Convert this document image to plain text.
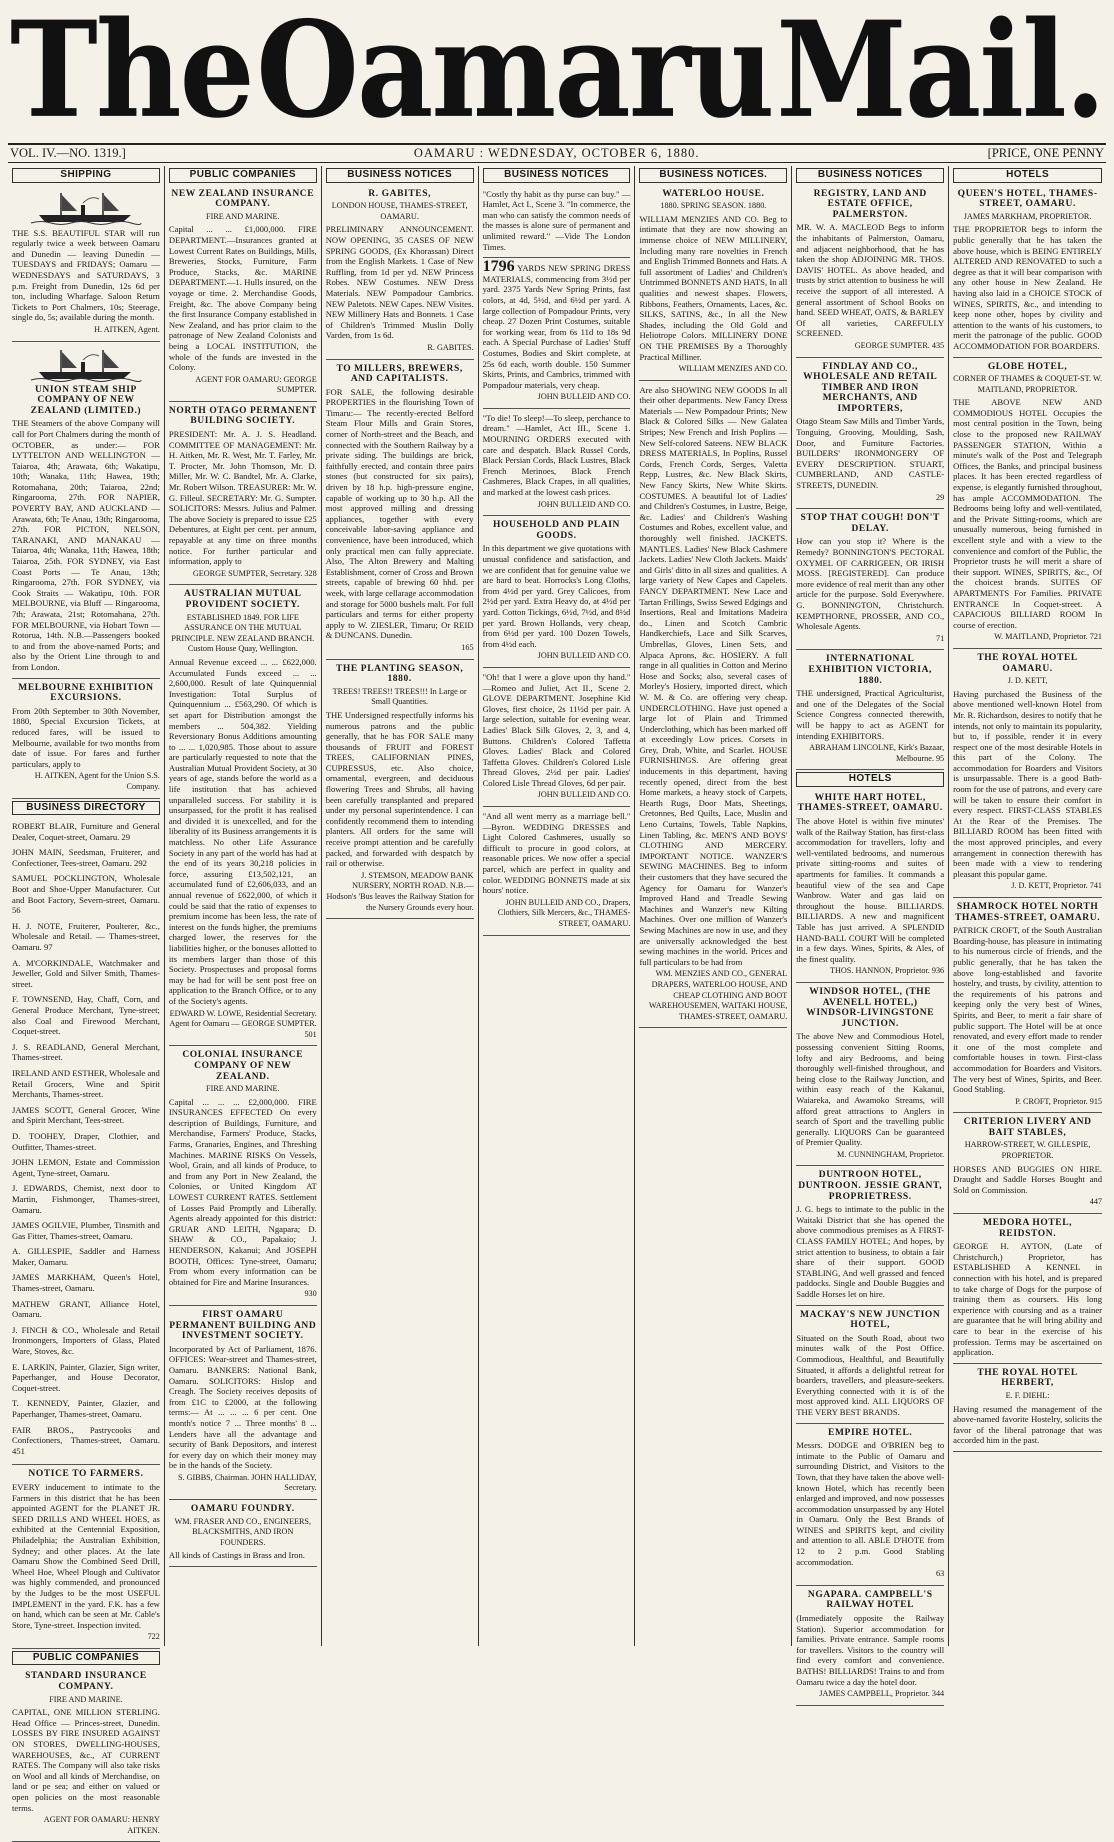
The Oamaru Mail.
VOL. IV.—NO. 1319.]	OAMARU : WEDNESDAY, OCTOBER 6, 1880.	[PRICE, ONE PENNY
SHIPPING

THE S.S. BEAUTIFUL STAR will run regularly twice a week between Oamaru and Dunedin — leaving Dunedin — TUESDAYS and FRIDAYS; Oamaru — WEDNESDAYS and SATURDAYS, 3 p.m. Freight from Dunedin, 12s 6d per ton, including Wharfage. Saloon Return Tickets to Port Chalmers, 10s; Steerage, single do, 5s; available during the month.

H. AITKEN, Agent.

UNION STEAM SHIP COMPANY OF NEW ZEALAND (LIMITED.)

THE Steamers of the above Company will call for Port Chalmers during the month of OCTOBER, as under:— FOR LYTTELTON AND WELLINGTON — Taiaroa, 4th; Arawata, 6th; Wakatipu, 10th; Wanaka, 11th; Hawea, 19th; Rotomahana, 20th; Taiaroa, 22nd; Ringarooma, 27th. FOR NAPIER, POVERTY BAY, AND AUCKLAND — Arawata, 6th; Te Anau, 13th; Ringarooma, 27th. FOR PICTON, NELSON, TARANAKI, AND MANAKAU — Taiaroa, 4th; Wanaka, 11th; Hawea, 18th; Taiaroa, 25th. FOR SYDNEY, via East Coast Ports — Te Anau, 13th; Ringarooma, 27th. FOR SYDNEY, via Cook Straits — Wakatipu, 10th. FOR MELBOURNE, via Bluff — Ringarooma, 7th; Arawata, 21st; Rotomahana, 27th. FOR MELBOURNE, via Hobart Town — Rotorua, 14th. N.B.—Passengers booked to and from the above-named Ports; and also by the Orient Line through to and from London.

MELBOURNE EXHIBITION EXCURSIONS.

From 20th September to 30th November, 1880, Special Excursion Tickets, at reduced fares, will be issued to Melbourne, available for two months from date of issue. For fares and further particulars, apply to

H. AITKEN, Agent for the Union S.S. Company.

BUSINESS DIRECTORY

ROBERT BLAIR, Furniture and General Dealer, Coquet-street, Oamaru. 29

JOHN MAIN, Seedsman, Fruiterer, and Confectioner, Tees-street, Oamaru. 292

SAMUEL POCKLINGTON, Wholesale Boot and Shoe-Upper Manufacturer. Cut and Boot Factory, Severn-street, Oamaru. 56

H. J. NOTE, Fruiterer, Poulterer, &c., Wholesale and Retail. — Thames-street, Oamaru. 97

A. M'CORKINDALE, Watchmaker and Jeweller, Gold and Silver Smith, Thames-street.

F. TOWNSEND, Hay, Chaff, Corn, and General Produce Merchant, Tyne-street; also Coal and Firewood Merchant, Coquet-street.

J. S. READLAND, General Merchant, Thames-street.

IRELAND AND ESTHER, Wholesale and Retail Grocers, Wine and Spirit Merchants, Thames-street.

JAMES SCOTT, General Grocer, Wine and Spirit Merchant, Tees-street.

D. TOOHEY, Draper, Clothier, and Outfitter, Thames-street.

JOHN LEMON, Estate and Commission Agent, Tyne-street, Oamaru.

J. EDWARDS, Chemist, next door to Martin, Fishmonger, Thames-street, Oamaru.

JAMES OGILVIE, Plumber, Tinsmith and Gas Fitter, Thames-street, Oamaru.

A. GILLESPIE, Saddler and Harness Maker, Oamaru.

JAMES MARKHAM, Queen's Hotel, Thames-street, Oamaru.

MATHEW GRANT, Alliance Hotel, Oamaru.

J. FINCH & CO., Wholesale and Retail Ironmongers, Importers of Glass, Plated Ware, Stoves, &c.

E. LARKIN, Painter, Glazier, Sign writer, Paperhanger, and House Decorator, Coquet-street.

T. KENNEDY, Painter, Glazier, and Paperhanger, Thames-street, Oamaru.

FAIR BROS., Pastrycooks and Confectioners, Thames-street, Oamaru. 451

NOTICE TO FARMERS.

EVERY inducement to intimate to the Farmers in this district that he has been appointed AGENT for the PLANET JR. SEED DRILLS AND WHEEL HOES, as exhibited at the Centennial Exposition, Philadelphia; the Australian Exhibition, Sydney; and other places. At the late Oamaru Show the Combined Seed Drill, Wheel Hoe, Wheel Plough and Cultivator was highly commended, and pronounced by the Judges to be the most USEFUL IMPLEMENT in the yard. F.K. has a few on hand, which can be seen at Mr. Cable's Store, Tyne-street. Inspection invited.

722

PUBLIC COMPANIES

STANDARD INSURANCE COMPANY.

FIRE AND MARINE.

CAPITAL, ONE MILLION STERLING. Head Office — Princes-street, Dunedin. LOSSES BY FIRE INSURED AGAINST ON STORES, DWELLING-HOUSES, WAREHOUSES, &c., AT CURRENT RATES. The Company will also take risks on Wool and all kinds of Merchandise, on land or pe sea; and either on valued or open policies on the most reasonable terms.

AGENT FOR OAMARU: HENRY AITKEN.

PUBLIC COMPANIES

NEW ZEALAND INSURANCE COMPANY.

FIRE AND MARINE.

Capital ... ... £1,000,000. FIRE DEPARTMENT.—Insurances granted at Lowest Current Rates on Buildings, Mills, Breweries, Stocks, Furniture, Farm Produce, Stacks, &c. MARINE DEPARTMENT.—1. Hulls insured, on the voyage or time. 2. Merchandise Goods, Freight, &c. The above Company being the first Insurance Company established in New Zealand, and has prior claim to the patronage of New Zealand Colonists and being a LOCAL INSTITUTION, the whole of the funds are invested in the Colony.

AGENT FOR OAMARU: GEORGE SUMPTER.

NORTH OTAGO PERMANENT BUILDING SOCIETY.

PRESIDENT: Mr. A. J. S. Headland. COMMITTEE OF MANAGEMENT: Mr. H. Aitken, Mr. R. West, Mr. T. Farley, Mr. T. Procter, Mr. John Thomson, Mr. D. Miller, Mr. W. C. Bandtel, Mr. A. Clarke, Mr. Robert Wilson. TREASURER: Mr. W. G. Filleul. SECRETARY: Mr. G. Sumpter. SOLICITORS: Messrs. Julius and Palmer. The above Society is prepared to issue £25 Debentures, at Eight per cent. per annum, repayable at any time on three months notice. For further particular and information, apply to

GEORGE SUMPTER, Secretary. 328

AUSTRALIAN MUTUAL PROVIDENT SOCIETY.

ESTABLISHED 1849. FOR LIFE ASSURANCE ON THE MUTUAL PRINCIPLE. NEW ZEALAND BRANCH. Custom House Quay, Wellington.

Annual Revenue exceed ... ... £622,000. Accumulated Funds exceed ... ... 2,600,000. Result of late Quinquennial Investigation: Total Surplus of Quinquennium ... £563,290. Of which is set apart for Distribution amongst the members ... 504,382. Yielding Reversionary Bonus Additions amounting to ... ... 1,020,985. Those about to assure are particularly requested to note that the Australian Mutual Provident Society, at 30 years of age, stands before the world as a life institution that has achieved unparalleled success. For stability it is unsurpassed, for the profit it has realised and divided it is unexcelled, and for the liberality of its Business arrangements it is matchless. No other Life Assurance Society in any part of the world has had at the end of its years 30,218 policies in force, assuring £13,502,121, an accumulated fund of £2,606,033, and an annual revenue of £622,000, of which it could be said that the ratio of expenses to premium income has been less, the rate of interest on the funds higher, the premiums charged lower, the reserves for the liabilities higher, or the bonuses allotted to its members larger than those of this Society. Prospectuses and proposal forms may be had for will be sent post free on application to the Branch Office, or to any of the Society's agents.

EDWARD W. LOWE, Residential Secretary. Agent for Oamaru — GEORGE SUMPTER. 501

COLONIAL INSURANCE COMPANY OF NEW ZEALAND.

FIRE AND MARINE.

Capital ... ... ... £2,000,000. FIRE INSURANCES EFFECTED On every description of Buildings, Furniture, and Merchandise, Farmers' Produce, Stacks, Farms, Granaries, Engines, and Threshing Machines. MARINE RISKS On Vessels, Wool, Grain, and all kinds of Produce, to and from any Port in New Zealand, the Colonies, or United Kingdom AT LOWEST CURRENT RATES. Settlement of Losses Paid Promptly and Liberally. Agents already appointed for this district: GRUAR AND LEITH, Ngapara; D. SHAW & CO., Papakaio; J. HENDERSON, Kakanui; And JOSEPH BOOTH, Offices: Tyne-street, Oamaru; From whom every information can be obtained for Fire and Marine Insurances.

930

FIRST OAMARU PERMANENT BUILDING AND INVESTMENT SOCIETY.

Incorporated by Act of Parliament, 1876. OFFICES: Wear-street and Thames-street, Oamaru. BANKERS: National Bank, Oamaru. SOLICITORS: Hislop and Creagh. The Society receives deposits of from £1C to £2000, at the following terms:— At ... ... ... 6 per cent. One month's notice 7 ... Three months' 8 ... Lenders have all the advantage and security of Bank Depositors, and interest for every day on which their money may be in the hands of the Society.

S. GIBBS, Chairman. JOHN HALLIDAY, Secretary.

OAMARU FOUNDRY.

WM. FRASER AND CO., ENGINEERS, BLACKSMITHS, AND IRON FOUNDERS.

All kinds of Castings in Brass and Iron.

BUSINESS NOTICES

R. GABITES,

LONDON HOUSE, THAMES-STREET, OAMARU.

PRELIMINARY ANNOUNCEMENT. NOW OPENING, 35 CASES OF NEW SPRING GOODS, (Ex Khorassan) Direct from the English Markets. 1 Case of New Ruffling, from 1d per yd. NEW Princess Robes. NEW Costumes. NEW Dress Materials. NEW Pompadour Cambrics. NEW Paletots. NEW Capes. NEW Visites. NEW Millinery Hats and Bonnets. 1 Case of Children's Trimmed Muslin Dolly Varden, from 1s 6d.

R. GABITES.

TO MILLERS, BREWERS, AND CAPITALISTS.

FOR SALE, the following desirable PROPERTIES in the flourishing Town of Timaru:— The recently-erected Belford Steam Flour Mills and Grain Stores, corner of North-street and the Beach, and connected with the Southern Railway by a private siding. The buildings are brick, faithfully erected, and contain three pairs stones (but constructed for six pairs), driven by 18 h.p. high-pressure engine, capable of working up to 30 h.p. All the most approved milling and dressing appliances, together with every conceivable labor-saving appliance and convenience, have been introduced, which only practical men can fully appreciate. Also, The Alton Brewery and Malting Establishment, corner of Cross and Brown streets, capable of brewing 60 hhd. per week, with large cellarage accommodation and storage for 5000 bushels malt. For full particulars and terms for either property apply to W. ZIESLER, Timaru; Or REID & DUNCANS. Dunedin.

165

THE PLANTING SEASON, 1880.

TREES! TREES!! TREES!!! In Large or Small Quantities.

THE Undersigned respectfully informs his numerous patrons and the public generally, that he has FOR SALE many thousands of FRUIT and FOREST TREES, CALIFORNIAN PINES, CUPRESSUS, etc. Also choice, ornamental, evergreen, and deciduous flowering Trees and Shrubs, all having been carefully transplanted and prepared under my personal superintendence. I can confidently recommend them to intending planters. All orders for the same will receive prompt attention and be carefully packed, and forwarded with despatch by rail or otherwise.

J. STEMSON, MEADOW BANK NURSERY, NORTH ROAD. N.B.—Hodson's 'Bus leaves the Railway Station for the Nursery Grounds every hour.

BUSINESS NOTICES

"Costly thy habit as thy purse can buy." —Hamlet, Act I., Scene 3. "In commerce, the man who can satisfy the common needs of the masses is alone sure of permanent and unlimited reward." —Vide The London Times.

1796 YARDS NEW SPRING DRESS MATERIALS, commencing from 3½d per yard. 2375 Yards New Spring Prints, fast colors, at 4d, 5½d, and 6½d per yard. A large collection of Pompadour Prints, very cheap. 27 Dozen Print Costumes, suitable for working wear, from 6s 11d to 18s 9d each. A Special Purchase of Ladies' Stuff Costumes, Bodies and Skirt complete, at 25s 6d each, worth double. 150 Summer Skirts, Prints, and Cambrics, trimmed with Pompadour materials, very cheap.

JOHN BULLEID AND CO.

"To die! To sleep!—To sleep, perchance to dream." —Hamlet, Act III., Scene 1. MOURNING ORDERS executed with care and despatch. Black Russel Cords, Black Persian Cords, Black Lustres, Black French Merinoes, Black French Cashmeres, Black Crapes, in all qualities, and marked at the lowest cash prices.

JOHN BULLEID AND CO.

HOUSEHOLD AND PLAIN GOODS.

In this department we give quotations with unusual confidence and satisfaction, and we are confident that for genuine value we are hard to beat. Horrocks's Long Cloths, from 4½d per yard. Grey Calicoes, from 2½d per yard. Extra Heavy do, at 4½d per yard. Cotton Tickings, 6½d, 7½d, and 8½d per yard. Brown Hollands, very cheap, from 6½d per yard. 100 Dozen Towels, from 4½d each.

JOHN BULLEID AND CO.

"Oh! that I were a glove upon thy hand." —Romeo and Juliet, Act II., Scene 2. GLOVE DEPARTMENT. Josephine Kid Gloves, first choice, 2s 11½d per pair. A large selection, suitable for evening wear. Ladies' Black Silk Gloves, 2, 3, and 4, Buttons. Children's Colored Taffetta Gloves. Ladies' Black and Colored Taffetta Gloves. Children's Colored Lisle Thread Gloves, 2½d per pair. Ladies' Colored Lisle Thread Gloves, 6d per pair.

JOHN BULLEID AND CO.

"And all went merry as a marriage bell." —Byron. WEDDING DRESSES and Light Colored Cashmeres, usually so difficult to procure in good colors, at reasonable prices. We now offer a special parcel, which are perfect in quality and color. WEDDING BONNETS made at six hours' notice.

JOHN BULLEID AND CO., Drapers, Clothiers, Silk Mercers, &c., THAMES-STREET, OAMARU.

BUSINESS NOTICES.

WATERLOO HOUSE.

1880. SPRING SEASON. 1880.

WILLIAM MENZIES AND CO. Beg to intimate that they are now showing an immense choice of NEW MILLINERY, Including many rare novelties in French and English Trimmed Bonnets and Hats. A full assortment of Ladies' and Children's Untrimmed BONNETS AND HATS, In all qualities and newest shapes. Flowers, Ribbons, Feathers, Ornaments, Laces, &c. SILKS, SATINS, &c., In all the New Shades, including the Old Gold and Heliotrope Colors. MILLINERY DONE ON THE PREMISES By a Thoroughly Practical Milliner.

WILLIAM MENZIES AND CO.

Are also SHOWING NEW GOODS In all their other departments. New Fancy Dress Materials — New Pompadour Prints; New Black & Colored Silks — New Galatea Stripes; New French and Irish Poplins — New Self-colored Sateens. NEW BLACK DRESS MATERIALS, In Poplins, Russel Cords, French Cords, Serges, Valetta Repp, Lustres, &c. New Black Skirts, New Fancy Skirts, New White Skirts. COSTUMES. A beautiful lot of Ladies' and Children's Costumes, in Lustre, Beige, &c. Ladies' and Children's Washing Costumes and Robes, excellent value, and thoroughly well finished. JACKETS. MANTLES. Ladies' New Black Cashmere Jackets. Ladies' New Cloth Jackets. Maids' and Girls' ditto in all sizes and qualities. A large variety of New Capes and Capelets. FANCY DEPARTMENT. New Lace and Tartan Frillings, Swiss Sewed Edgings and Insertions, Real and Imitations Madeira do., Linen and Scotch Cambric Handkerchiefs, Lace and Silk Scarves, Umbrellas, Gloves, Linen Sets, and Alpaca Aprons, &c. HOSIERY. A full range in all qualities in Cotton and Merino Hose and Socks; also, several cases of Morley's Hosiery, imported direct, which W. M. & Co. are offering very cheap. UNDERCLOTHING. Have just opened a large lot of Plain and Trimmed Underclothing, which has been marked off at exceedingly Low prices. Corsets in Grey, Drab, White, and Scarlet. HOUSE FURNISHINGS. Are offering great inducements in this department, having recently opened, direct from the best Home markets, a heavy stock of Carpets, Hearth Rugs, Door Mats, Sheetings, Cretonnes, Bed Quilts, Lace, Muslin and Leno Curtains, Towels, Table Napkins, Linen Tabling, &c. MEN'S AND BOYS' CLOTHING AND MERCERY. IMPORTANT NOTICE. WANZER'S SEWING MACHINES. Beg to inform their customers that they have secured the Agency for Oamaru for Wanzer's Improved Hand and Treadle Sewing Machines and Wanzer's new Kilting Machines. Over one million of Wanzer's Sewing Machines are now in use, and they are universally acknowledged the best sewing machines in the world. Prices and full particulars to be had from

WM. MENZIES AND CO., GENERAL DRAPERS, WATERLOO HOUSE, AND CHEAP CLOTHING AND BOOT WAREHOUSEMEN, WAITAKI HOUSE, THAMES-STREET, OAMARU.

BUSINESS NOTICES

REGISTRY, LAND AND ESTATE OFFICE, PALMERSTON.

MR. W. A. MACLEOD Begs to inform the inhabitants of Palmerston, Oamaru, and adjacent neighborhood, that he has taken the shop ADJOINING MR. THOS. DAVIS' HOTEL. As above headed, and trusts by strict attention to business he will receive the support of all interested. A general assortment of School Books on hand. SEED WHEAT, OATS, & BARLEY Of all varieties, CAREFULLY SCREENED.

GEORGE SUMPTER. 435

FINDLAY AND CO., WHOLESALE AND RETAIL TIMBER AND IRON MERCHANTS, AND IMPORTERS,

Otago Steam Saw Mills and Timber Yards, Tonguing, Grooving, Moulding, Sash, Door, and Furniture Factories. BUILDERS' IRONMONGERY OF EVERY DESCRIPTION. STUART, CUMBERLAND, AND CASTLE-STREETS, DUNEDIN.

29

STOP THAT COUGH! DON'T DELAY.

How can you stop it? Where is the Remedy? BONNINGTON'S PECTORAL OXYMEL OF CARRIGEEN, OR IRISH MOSS. [REGISTERED]. Can produce more evidence of real merit than any other article for the purpose. Sold Everywhere. G. BONNINGTON, Christchurch. KEMPTHORNE, PROSSER, AND CO., Wholesale Agents.

71

INTERNATIONAL EXHIBITION VICTORIA, 1880.

THE undersigned, Practical Agriculturist, and one of the Delegates of the Social Science Congress connected therewith, will be happy to act as AGENT for intending EXHIBITORS.

ABRAHAM LINCOLNE, Kirk's Bazaar, Melbourne. 95

HOTELS

WHITE HART HOTEL, THAMES-STREET, OAMARU.

The above Hotel is within five minutes' walk of the Railway Station, has first-class accommodation for travellers, lofty and well-ventilated bedrooms, and numerous private sitting-rooms and suites of apartments for families. It commands a beautiful view of the sea and Cape Wanbrow. Water and gas laid on throughout the house. BILLIARDS. BILLIARDS. A new and magnificent Table has just arrived. A SPLENDID HAND-BALL COURT Will be completed in a few days. Wines, Spirits, & Ales, of the finest quality.

THOS. HANNON, Proprietor. 936

WINDSOR HOTEL, (THE AVENELL HOTEL,) WINDSOR-LIVINGSTONE JUNCTION.

The above New and Commodious Hotel, possessing convenient Sitting Rooms, lofty and airy Bedrooms, and being thoroughly well-finished throughout, and being close to the Railway Junction, and within easy reach of the Kakanui, Waiareka, and Awamoko Streams, will afford great attractions to Anglers in search of Sport and the travelling public generally. LIQUORS Can be guaranteed of Premier Quality.

M. CUNNINGHAM, Proprietor.

DUNTROON HOTEL, DUNTROON. JESSIE GRANT, PROPRIETRESS.

J. G. begs to intimate to the public in the Waitaki District that she has opened the above commodious premises as A FIRST-CLASS FAMILY HOTEL; And hopes, by strict attention to business, to obtain a fair share of their support. GOOD STABLING, And well grassed and fenced paddocks. Single and Double Buggies and Saddle Horses let on hire.

MACKAY'S NEW JUNCTION HOTEL,

Situated on the South Road, about two minutes walk of the Post Office. Commodious, Healthful, and Beautifully Situated, it affords a delightful retreat for boarders, travellers, and pleasure-seekers. Everything connected with it is of the most approved kind. ALL LIQUORS OF THE VERY BEST BRANDS.

EMPIRE HOTEL.

Messrs. DODGE and O'BRIEN beg to intimate to the Public of Oamaru and surrounding District, and Visitors to the Town, that they have taken the above well-known Hotel, which has recently been enlarged and improved, and now possesses accommodation unsurpassed by any Hotel in Oamaru. Only the Best Brands of WINES and SPIRITS kept, and civility and attention to all. ABLE D'HOTE from 12 to 2 p.m. Good Stabling accommodation.

63

NGAPARA. CAMPBELL'S RAILWAY HOTEL

(Immediately opposite the Railway Station). Superior accommodation for families. Private entrance. Sample rooms for travellers. Visitors to the country will find every comfort and convenience. BATHS! BILLIARDS! Trains to and from Oamaru twice a day the hotel door.

JAMES CAMPBELL, Proprietor. 344

HOTELS

QUEEN'S HOTEL, THAMES-STREET, OAMARU.

JAMES MARKHAM, PROPRIETOR.

THE PROPRIETOR begs to inform the public generally that he has taken the above house, which is BEING ENTIRELY ALTERED AND RENOVATED to such a degree as that it will bear comparison with any other house in New Zealand. He having also laid in a CHOICE STOCK of WINES, SPIRITS, &c., and intending to keep none other, hopes by civility and attention to the wants of his customers, to merit the patronage of the public. GOOD ACCOMMODATION FOR BOARDERS.

GLOBE HOTEL,

CORNER OF THAMES & COQUET-ST. W. MAITLAND, PROPRIETOR.

THE ABOVE NEW AND COMMODIOUS HOTEL Occupies the most central position in the Town, being close to the proposed new RAILWAY PASSENGER STATION, Within a minute's walk of the Post and Telegraph Offices, the Banks, and principal business places. It has been erected regardless of expense, is elegantly furnished throughout, has ample ACCOMMODATION. The Bedrooms being lofty and well-ventilated, and the Private Sitting-rooms, which are unusually numerous, being furnished in excellent style and with a view to the convenience and comfort of the Public, the Proprietor trusts he will merit a share of their support. WINES, SPIRITS, &c., Of the choicest brands. SUITES OF APARTMENTS For Families. PRIVATE ENTRANCE In Coquet-street. A CAPACIOUS BILLIARD ROOM In course of erection.

W. MAITLAND, Proprietor. 721

THE ROYAL HOTEL OAMARU.

J. D. KETT,

Having purchased the Business of the above mentioned well-known Hotel from Mr. R. Richardson, desires to notify that he intends, not only to maintain its popularity, but to, if possible, render it in every respect one of the most desirable Hotels in this part of the Colony. The accommodation for Boarders and Visitors is unsurpassable. There is a good Bath-room for the use of patrons, and every care will be taken to ensure their comfort in every respect. FIRST-CLASS STABLES At the Rear of the Premises. The BILLIARD ROOM has been fitted with the most approved principles, and every arrangement in connection therewith has been made with a view to rendering pleasant this popular game.

J. D. KETT, Proprietor. 741

SHAMROCK HOTEL NORTH THAMES-STREET, OAMARU.

PATRICK CROFT, of the South Australian Boarding-house, has pleasure in intimating to his numerous circle of friends, and the public generally, that he has taken the above long-established and favorite hostelry, and trusts, by civility, attention to the requirements of his patrons and keeping only the very best of Wines, Spirits, and Beer, to merit a fair share of public support. The Hotel will be at once renovated, and every effort made to render it one of the most complete and comfortable houses in town. First-class accommodation for Boarders and Visitors. The very best of Wines, Spirits, and Beer. Good Stabling.

P. CROFT, Proprietor. 915

CRITERION LIVERY AND BAIT STABLES,

HARROW-STREET, W. GILLESPIE, PROPRIETOR.

HORSES AND BUGGIES ON HIRE. Draught and Saddle Horses Bought and Sold on Commission.

447

MEDORA HOTEL, REIDSTON.

GEORGE H. AYTON, (Late of Christchurch,) Proprietor, has ESTABLISHED A KENNEL in connection with his hotel, and is prepared to take charge of Dogs for the purpose of training them as coursers. His long experience with coursing and as a trainer are guarantee that he will bring ability and care to bear in the exercise of his profession. Terms may be ascertained on application.

THE ROYAL HOTEL HERBERT,

E. F. DIEHL:

Having resumed the management of the above-named favorite Hostelry, solicits the favor of the liberal patronage that was accorded him in the past.
